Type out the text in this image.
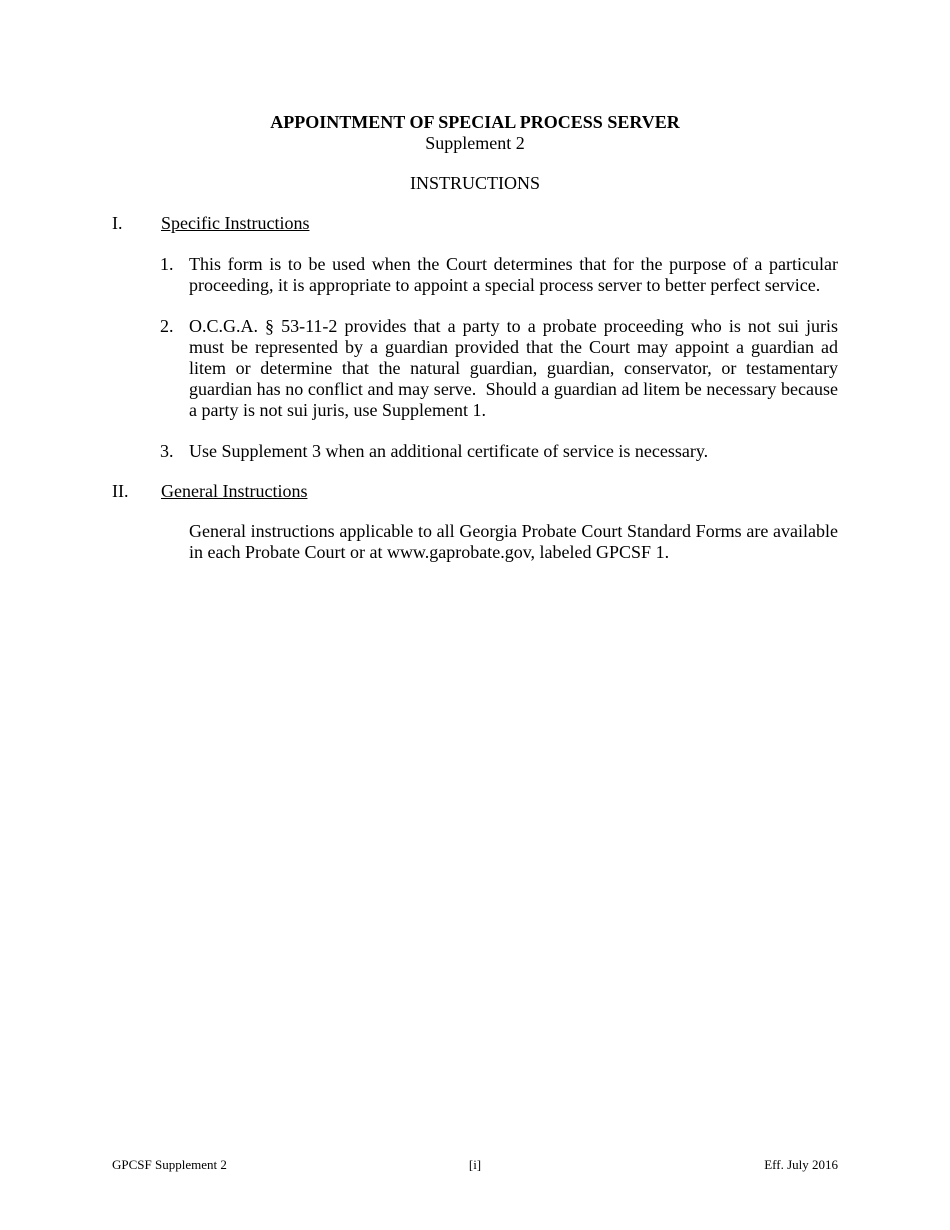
APPOINTMENT OF SPECIAL PROCESS SERVER
Supplement 2
INSTRUCTIONS
I. Specific Instructions
1. This form is to be used when the Court determines that for the purpose of a particular proceeding, it is appropriate to appoint a special process server to better perfect service.
2. O.C.G.A. § 53-11-2 provides that a party to a probate proceeding who is not sui juris must be represented by a guardian provided that the Court may appoint a guardian ad litem or determine that the natural guardian, guardian, conservator, or testamentary guardian has no conflict and may serve.  Should a guardian ad litem be necessary because a party is not sui juris, use Supplement 1.
3. Use Supplement 3 when an additional certificate of service is necessary.
II. General Instructions
General instructions applicable to all Georgia Probate Court Standard Forms are available in each Probate Court or at www.gaprobate.gov, labeled GPCSF 1.
GPCSF Supplement 2	[i]	Eff. July 2016
